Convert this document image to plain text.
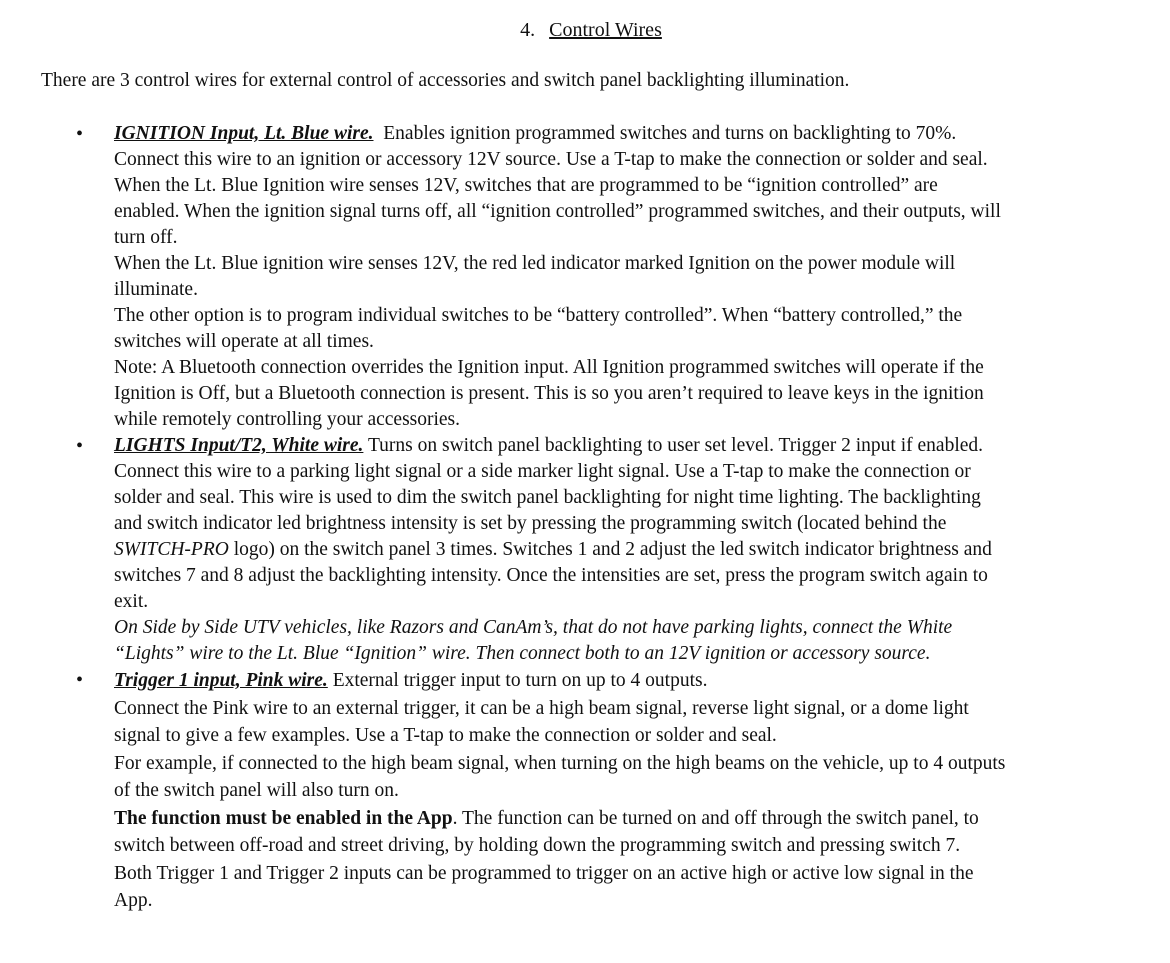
4. Control Wires
There are 3 control wires for external control of accessories and switch panel backlighting illumination.
• IGNITION Input, Lt. Blue wire. Enables ignition programmed switches and turns on backlighting to 70%.
Connect this wire to an ignition or accessory 12V source. Use a T-tap to make the connection or solder and seal.
When the Lt. Blue Ignition wire senses 12V, switches that are programmed to be “ignition controlled” are
enabled. When the ignition signal turns off, all “ignition controlled” programmed switches, and their outputs, will
turn off.
When the Lt. Blue ignition wire senses 12V, the red led indicator marked Ignition on the power module will
illuminate.
The other option is to program individual switches to be “battery controlled”. When “battery controlled,” the
switches will operate at all times.
Note: A Bluetooth connection overrides the Ignition input. All Ignition programmed switches will operate if the
Ignition is Off, but a Bluetooth connection is present. This is so you aren’t required to leave keys in the ignition
while remotely controlling your accessories.
• LIGHTS Input/T2, White wire. Turns on switch panel backlighting to user set level. Trigger 2 input if enabled.
Connect this wire to a parking light signal or a side marker light signal. Use a T-tap to make the connection or
solder and seal. This wire is used to dim the switch panel backlighting for night time lighting. The backlighting
and switch indicator led brightness intensity is set by pressing the programming switch (located behind the
SWITCH-PRO logo) on the switch panel 3 times. Switches 1 and 2 adjust the led switch indicator brightness and
switches 7 and 8 adjust the backlighting intensity. Once the intensities are set, press the program switch again to
exit.
On Side by Side UTV vehicles, like Razors and CanAm’s, that do not have parking lights, connect the White
“Lights” wire to the Lt. Blue “Ignition” wire. Then connect both to an 12V ignition or accessory source.
• Trigger 1 input, Pink wire. External trigger input to turn on up to 4 outputs.
Connect the Pink wire to an external trigger, it can be a high beam signal, reverse light signal, or a dome light
signal to give a few examples. Use a T-tap to make the connection or solder and seal.
For example, if connected to the high beam signal, when turning on the high beams on the vehicle, up to 4 outputs
of the switch panel will also turn on.
The function must be enabled in the App. The function can be turned on and off through the switch panel, to
switch between off-road and street driving, by holding down the programming switch and pressing switch 7.
Both Trigger 1 and Trigger 2 inputs can be programmed to trigger on an active high or active low signal in the
App.
